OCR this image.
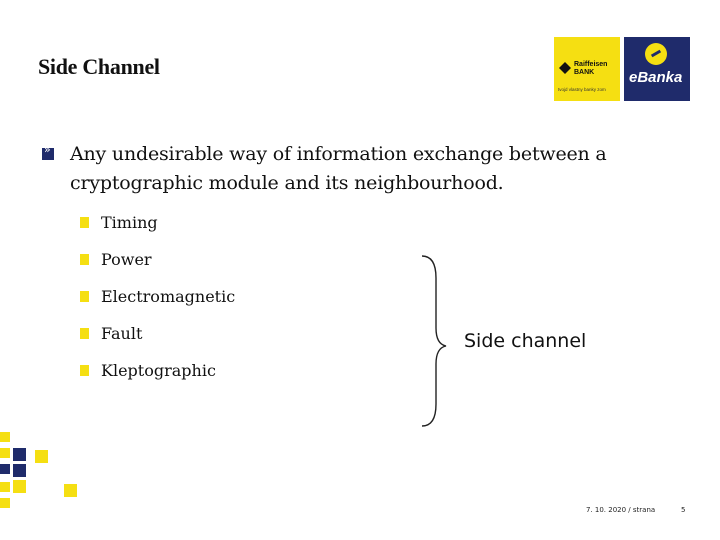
Side Channel	Raiffeisen
BANK
tvojd vlastny banky zom
eBanka
»
Any undesirable way of information exchange between a cryptographic module and its neighbourhood.
Timing
Power
Electromagnetic
Fault
Kleptographic
Side channel
7. 10. 2020 / strana	5
